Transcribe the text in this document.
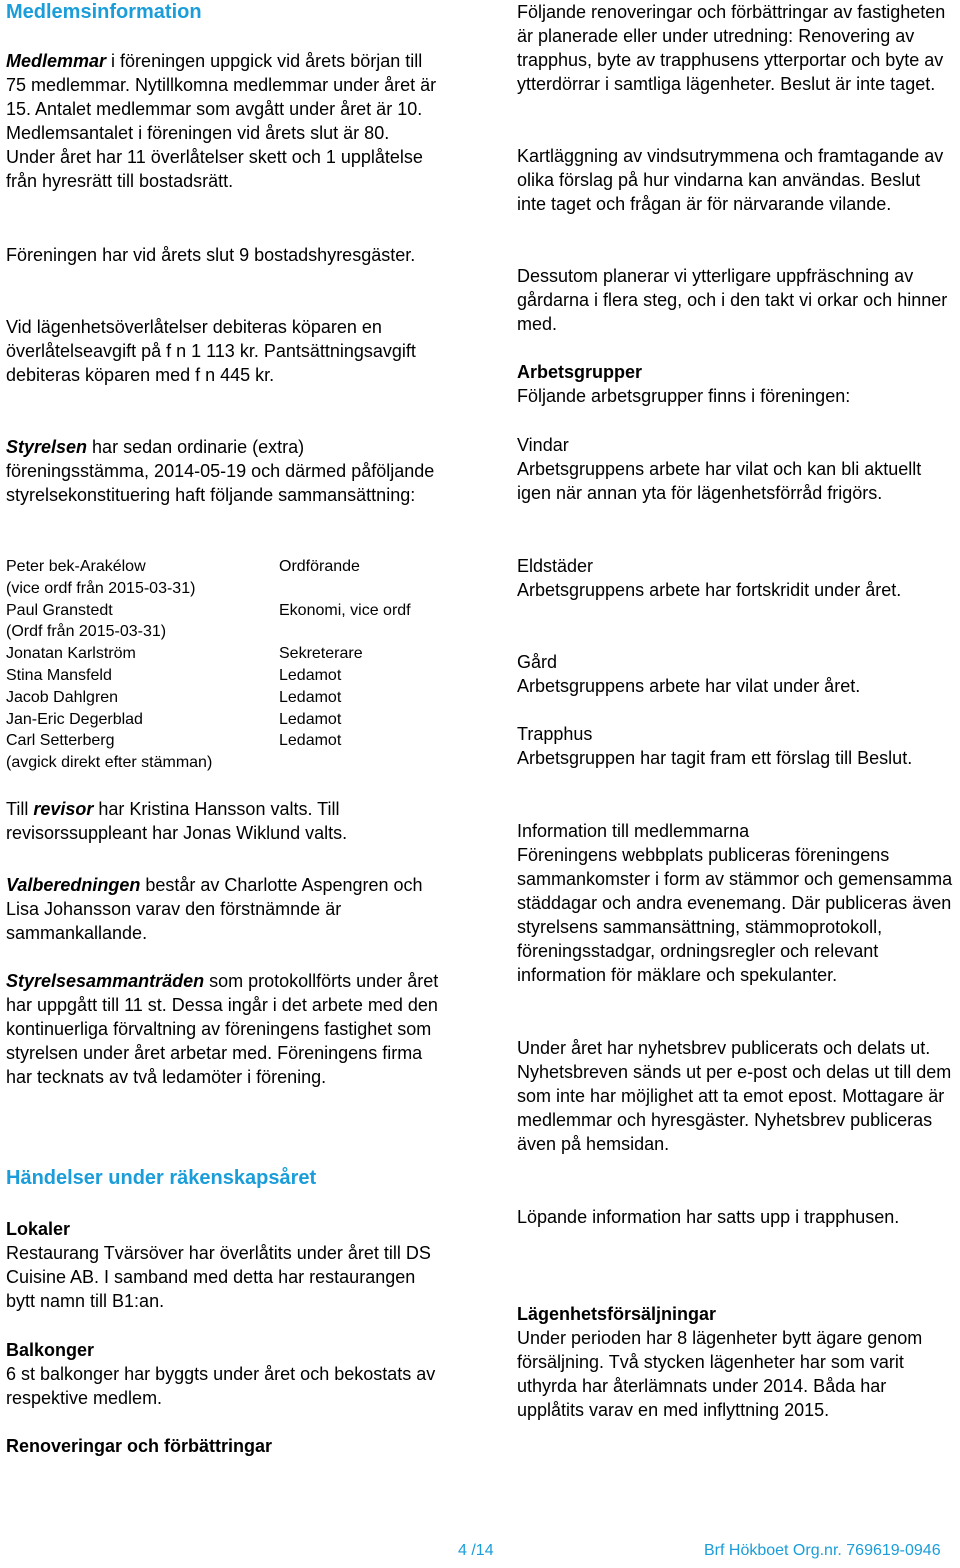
Medlemsinformation

Medlemmar i föreningen uppgick vid årets början till 75 medlemmar. Nytillkomna medlemmar under året är 15. Antalet medlemmar som avgått under året är 10. Medlemsantalet i föreningen vid årets slut är 80. Under året har 11 överlåtelser skett och 1 upplåtelse från hyresrätt till bostadsrätt.

Föreningen har vid årets slut 9 bostadshyresgäster.

Vid lägenhetsöverlåtelser debiteras köparen en överlåtelseavgift på f n 1 113 kr. Pantsättningsavgift debiteras köparen med f n 445 kr.

Styrelsen har sedan ordinarie (extra) föreningsstämma, 2014-05-19 och därmed påföljande styrelsekonstituering haft följande sammansättning:

Peter bek-Arakélow	Ordförande
(vice ordf från 2015-03-31)
Paul Granstedt	Ekonomi, vice ordf
(Ordf från 2015-03-31)
Jonatan Karlström	Sekreterare
Stina Mansfeld	Ledamot
Jacob Dahlgren	Ledamot
Jan-Eric Degerblad	Ledamot
Carl Setterberg	Ledamot
(avgick direkt efter stämman)

Till revisor har Kristina Hansson valts. Till revisorssuppleant har Jonas Wiklund valts.

Valberedningen består av Charlotte Aspengren och Lisa Johansson varav den förstnämnde är sammankallande.

Styrelsesammanträden som protokollförts under året har uppgått till 11 st. Dessa ingår i det arbete med den kontinuerliga förvaltning av föreningens fastighet som styrelsen under året arbetar med. Föreningens firma har tecknats av två ledamöter i förening.

Händelser under räkenskapsåret

Lokaler

Restaurang Tvärsöver har överlåtits under året till DS Cuisine AB. I samband med detta har restaurangen bytt namn till B1:an.

Balkonger

6 st balkonger har byggts under året och bekostats av respektive medlem.

Renoveringar och förbättringar

Följande renoveringar och förbättringar av fastigheten är planerade eller under utredning: Renovering av trapphus, byte av trapphusens ytterportar och byte av ytterdörrar i samtliga lägenheter. Beslut är inte taget.

Kartläggning av vindsutrymmena och framtagande av olika förslag på hur vindarna kan användas. Beslut inte taget och frågan är för närvarande vilande.

Dessutom planerar vi ytterligare uppfräschning av gårdarna i flera steg, och i den takt vi orkar och hinner med.

Arbetsgrupper

Följande arbetsgrupper finns i föreningen:

Vindar

Arbetsgruppens arbete har vilat och kan bli aktuellt igen när annan yta för lägenhetsförråd frigörs.

Eldstäder

Arbetsgruppens arbete har fortskridit under året.

Gård

Arbetsgruppens arbete har vilat under året.

Trapphus

Arbetsgruppen har tagit fram ett förslag till Beslut.

Information till medlemmarna

Föreningens webbplats publiceras föreningens sammankomster i form av stämmor och gemensamma städdagar och andra evenemang. Där publiceras även styrelsens sammansättning, stämmoprotokoll, föreningsstadgar, ordningsregler och relevant information för mäklare och spekulanter.

Under året har nyhetsbrev publicerats och delats ut. Nyhetsbreven sänds ut per e-post och delas ut till dem som inte har möjlighet att ta emot epost. Mottagare är medlemmar och hyresgäster. Nyhetsbrev publiceras även på hemsidan.

Löpande information har satts upp i trapphusen.

Lägenhetsförsäljningar

Under perioden har 8 lägenheter bytt ägare genom försäljning. Två stycken lägenheter har som varit uthyrda har återlämnats under 2014. Båda har upplåtits varav en med inflyttning 2015.

4 /14	Brf Hökboet Org.nr. 769619-0946
